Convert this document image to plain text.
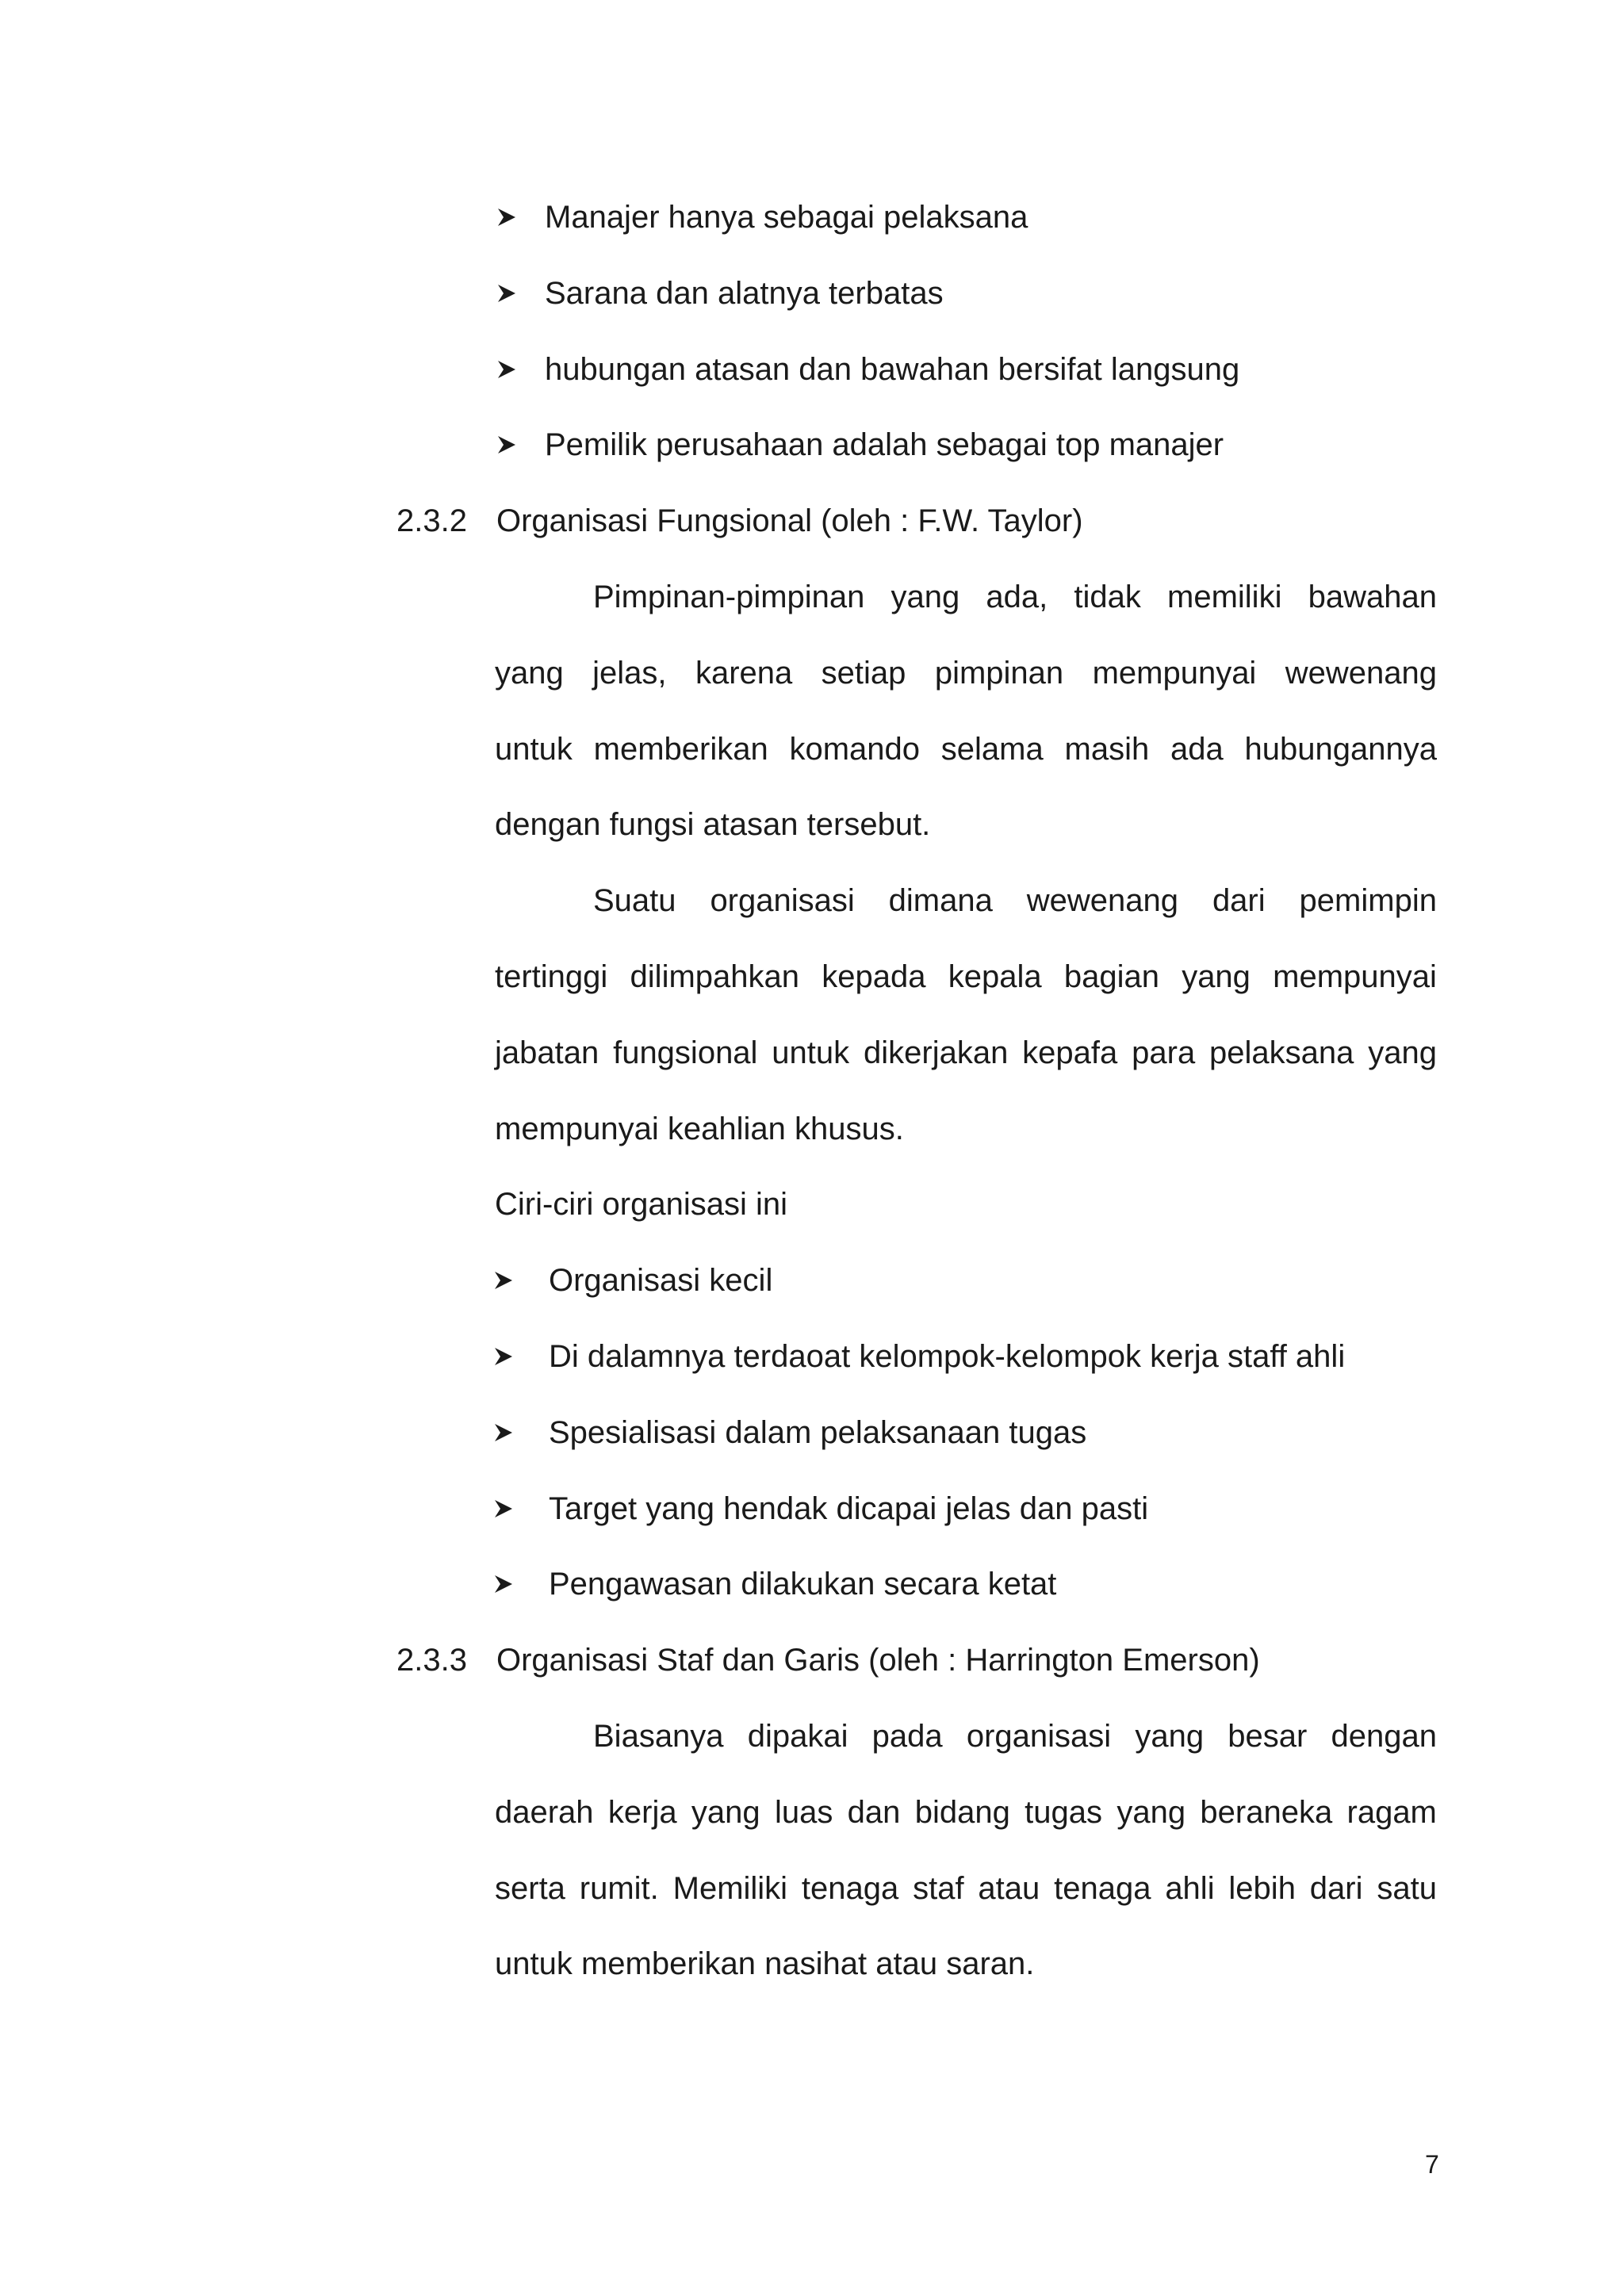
Manajer hanya sebagai pelaksana
Sarana dan alatnya terbatas
hubungan atasan dan bawahan bersifat langsung
Pemilik perusahaan adalah sebagai top manajer
2.3.2 Organisasi Fungsional (oleh : F.W. Taylor)
Pimpinan-pimpinan yang ada, tidak memiliki bawahan
yang jelas, karena setiap pimpinan mempunyai wewenang
untuk memberikan komando selama masih ada hubungannya
dengan fungsi atasan tersebut.
Suatu organisasi dimana wewenang dari pemimpin
tertinggi dilimpahkan kepada kepala bagian yang mempunyai
jabatan fungsional untuk dikerjakan kepafa para pelaksana yang
mempunyai keahlian khusus.
Ciri-ciri organisasi ini
Organisasi kecil
Di dalamnya terdaoat kelompok-kelompok kerja staff ahli
Spesialisasi dalam pelaksanaan tugas
Target yang hendak dicapai jelas dan pasti
Pengawasan dilakukan secara ketat
2.3.3 Organisasi Staf dan Garis (oleh : Harrington Emerson)
Biasanya dipakai pada organisasi yang besar dengan
daerah kerja yang luas dan bidang tugas yang beraneka ragam
serta rumit. Memiliki tenaga staf atau tenaga ahli lebih dari satu
untuk memberikan nasihat atau saran.
7
